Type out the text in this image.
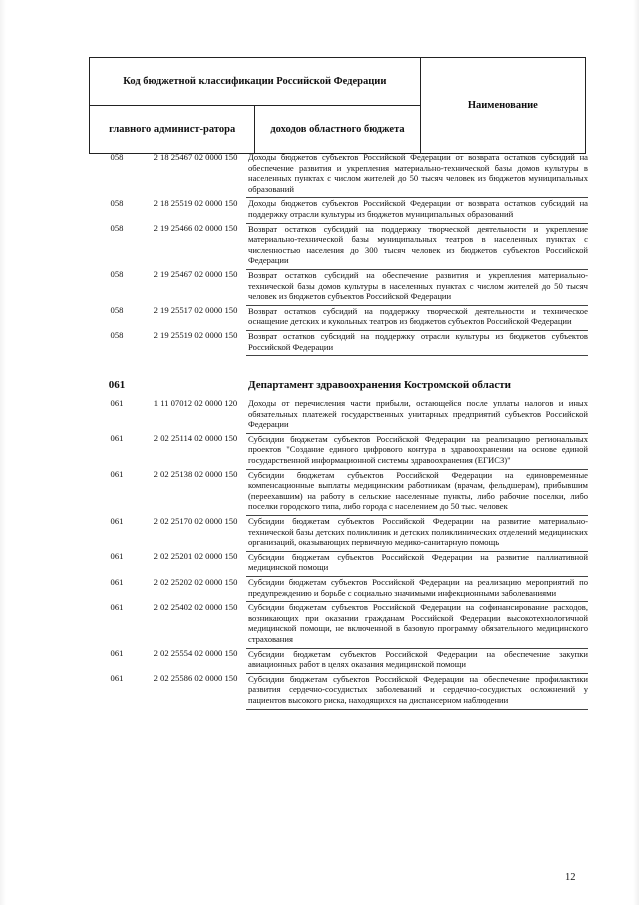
Код бюджетной классификации Российской Федерации		Наименование
главного админист-ратора	доходов областного бюджета	
058	2 18 25467 02 0000 150	Доходы бюджетов субъектов Российской Федерации от возврата остатков субсидий на обеспечение развития и укрепления материально-технической базы домов культуры в населенных пунктах с числом жителей до 50 тысяч человек из бюджетов муниципальных образований
058	2 18 25519 02 0000 150	Доходы бюджетов субъектов Российской Федерации от возврата остатков субсидий на поддержку отрасли культуры из бюджетов муниципальных образований
058	2 19 25466 02 0000 150	Возврат остатков субсидий на поддержку творческой деятельности и укрепление материально-технической базы муниципальных театров в населенных пунктах с численностью населения до 300 тысяч человек из бюджетов субъектов Российской Федерации
058	2 19 25467 02 0000 150	Возврат остатков субсидий на обеспечение развития и укрепления материально-технической базы домов культуры в населенных пунктах с числом жителей до 50 тысяч человек из бюджетов субъектов Российской Федерации
058	2 19 25517 02 0000 150	Возврат остатков субсидий на поддержку творческой деятельности и техническое оснащение детских и кукольных театров из бюджетов субъектов Российской Федерации
058	2 19 25519 02 0000 150	Возврат остатков субсидий на поддержку отрасли культуры из бюджетов субъектов Российской Федерации

061		Департамент здравоохранения Костромской области
061	1 11 07012 02 0000 120	Доходы от перечисления части прибыли, остающейся после уплаты налогов и иных обязательных платежей государственных унитарных предприятий субъектов Российской Федерации
061	2 02 25114 02 0000 150	Субсидии бюджетам субъектов Российской Федерации на реализацию региональных проектов "Создание единого цифрового контура в здравоохранении на основе единой государственной информационной системы здравоохранения (ЕГИСЗ)"
061	2 02 25138 02 0000 150	Субсидии бюджетам субъектов Российской Федерации на единовременные компенсационные выплаты медицинским работникам (врачам, фельдшерам), прибывшим (переехавшим) на работу в сельские населенные пункты, либо рабочие поселки, либо поселки городского типа, либо города с населением до 50 тыс. человек
061	2 02 25170 02 0000 150	Субсидии бюджетам субъектов Российской Федерации на развитие материально-технической базы детских поликлиник и детских поликлинических отделений медицинских организаций, оказывающих первичную медико-санитарную помощь
061	2 02 25201 02 0000 150	Субсидии бюджетам субъектов Российской Федерации на развитие паллиативной медицинской помощи
061	2 02 25202 02 0000 150	Субсидии бюджетам субъектов Российской Федерации на реализацию мероприятий по предупреждению и борьбе с социально значимыми инфекционными заболеваниями
061	2 02 25402 02 0000 150	Субсидии бюджетам субъектов Российской Федерации на софинансирование расходов, возникающих при оказании гражданам Российской Федерации высокотехнологичной медицинской помощи, не включенной в базовую программу обязательного медицинского страхования
061	2 02 25554 02 0000 150	Субсидии бюджетам субъектов Российской Федерации на обеспечение закупки авиационных работ в целях оказания медицинской помощи
061	2 02 25586 02 0000 150	Субсидии бюджетам субъектов Российской Федерации на обеспечение профилактики развития сердечно-сосудистых заболеваний и сердечно-сосудистых осложнений у пациентов высокого риска, находящихся на диспансерном наблюдении
12
